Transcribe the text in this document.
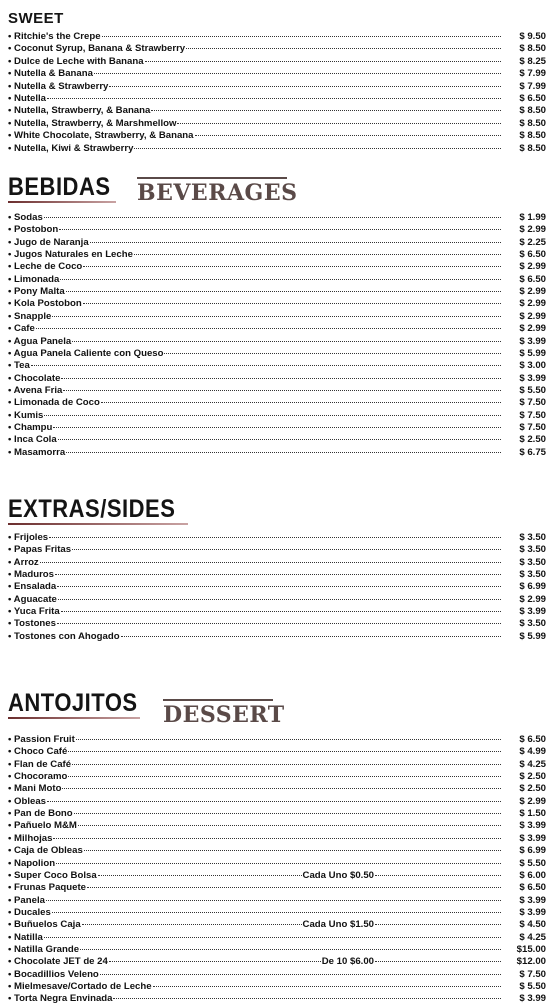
SWEET
• Ritchie's the Crepe	$ 9.50
• Coconut Syrup, Banana & Strawberry	$ 8.50
• Dulce de Leche with Banana	$ 8.25
• Nutella & Banana	$ 7.99
• Nutella & Strawberry	$ 7.99
• Nutella	$ 6.50
• Nutella, Strawberry, & Banana	$ 8.50
• Nutella, Strawberry, & Marshmellow	$ 8.50
• White Chocolate, Strawberry, & Banana	$ 8.50
• Nutella, Kiwi & Strawberry	$ 8.50
BEBIDAS BEVERAGES
• Sodas	$ 1.99
• Postobon	$ 2.99
• Jugo de Naranja	$ 2.25
• Jugos Naturales en Leche	$ 6.50
• Leche de Coco	$ 2.99
• Limonada	$ 6.50
• Pony Malta	$ 2.99
• Kola Postobon	$ 2.99
• Snapple	$ 2.99
• Cafe	$ 2.99
• Agua Panela	$ 3.99
• Agua Panela Caliente con Queso	$ 5.99
• Tea	$ 3.00
• Chocolate	$ 3.99
• Avena Fria	$ 5.50
• Limonada de Coco	$ 7.50
• Kumis	$ 7.50
• Champu	$ 7.50
• Inca Cola	$ 2.50
• Masamorra	$ 6.75
EXTRAS/SIDES
• Frijoles	$ 3.50
• Papas Fritas	$ 3.50
• Arroz	$ 3.50
• Maduros	$ 3.50
• Ensalada	$ 6.99
• Aguacate	$ 2.99
• Yuca Frita	$ 3.99
• Tostones	$ 3.50
• Tostones con Ahogado	$ 5.99
ANTOJITOS DESSERT
• Passion Fruit	$ 6.50
• Choco Café	$ 4.99
• Flan de Café	$ 4.25
• Chocoramo	$ 2.50
• Mani Moto	$ 2.50
• Obleas	$ 2.99
• Pan de Bono	$ 1.50
• Pañuelo M&M	$ 3.99
• Milhojas	$ 3.99
• Caja de Obleas	$ 6.99
• Napolion	$ 5.50
• Super Coco Bolsa	Cada Uno $0.50	$ 6.00
• Frunas Paquete	$ 6.50
• Panela	$ 3.99
• Ducales	$ 3.99
• Buñuelos Caja	Cada Uno $1.50	$ 4.50
• Natilla	$ 4.25
• Natilla Grande	$15.00
• Chocolate JET de 24	De 10 $6.00	$12.00
• Bocadillios Veleno	$ 7.50
• Mielmesave/Cortado de Leche	$ 5.50
• Torta Negra Envinada	$ 3.99
